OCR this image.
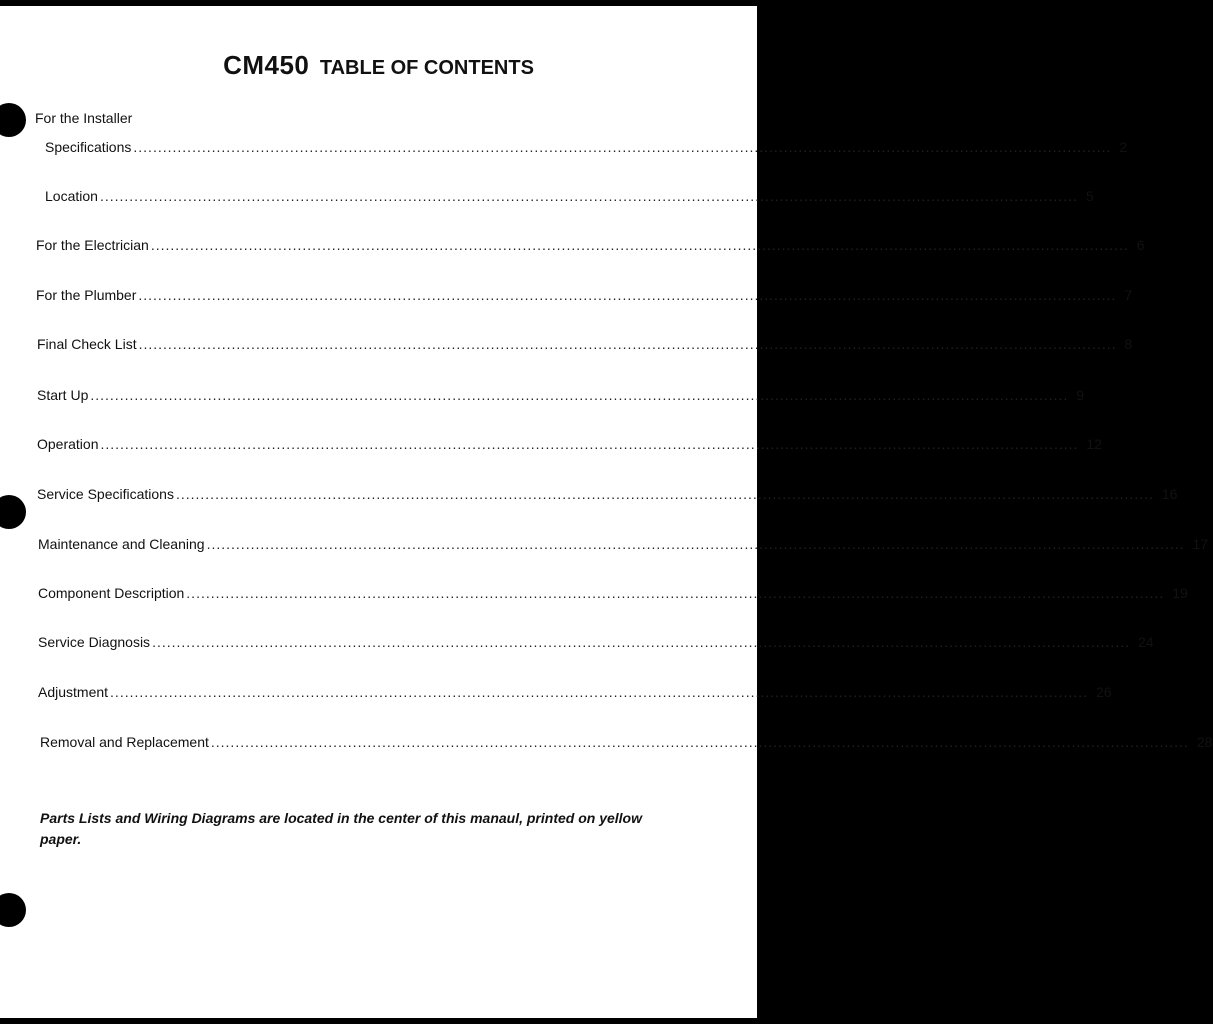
CM450 TABLE OF CONTENTS
For the Installer
Specifications ........................................................................................................................................................................................................ 2
Location ........................................................................................................................................................................................................ 5
For the Electrician ........................................................................................................................................................................................................ 6
For the Plumber ........................................................................................................................................................................................................ 7
Final Check List ........................................................................................................................................................................................................ 8
Start Up ........................................................................................................................................................................................................ 9
Operation ........................................................................................................................................................................................................ 12
Service Specifications ........................................................................................................................................................................................................ 16
Maintenance and Cleaning ........................................................................................................................................................................................................ 17
Component Description ........................................................................................................................................................................................................ 19
Service Diagnosis ........................................................................................................................................................................................................ 24
Adjustment ........................................................................................................................................................................................................ 26
Removal and Replacement ........................................................................................................................................................................................................ 28
Parts Lists and Wiring Diagrams are located in the center of this manaul, printed on yellow paper.
